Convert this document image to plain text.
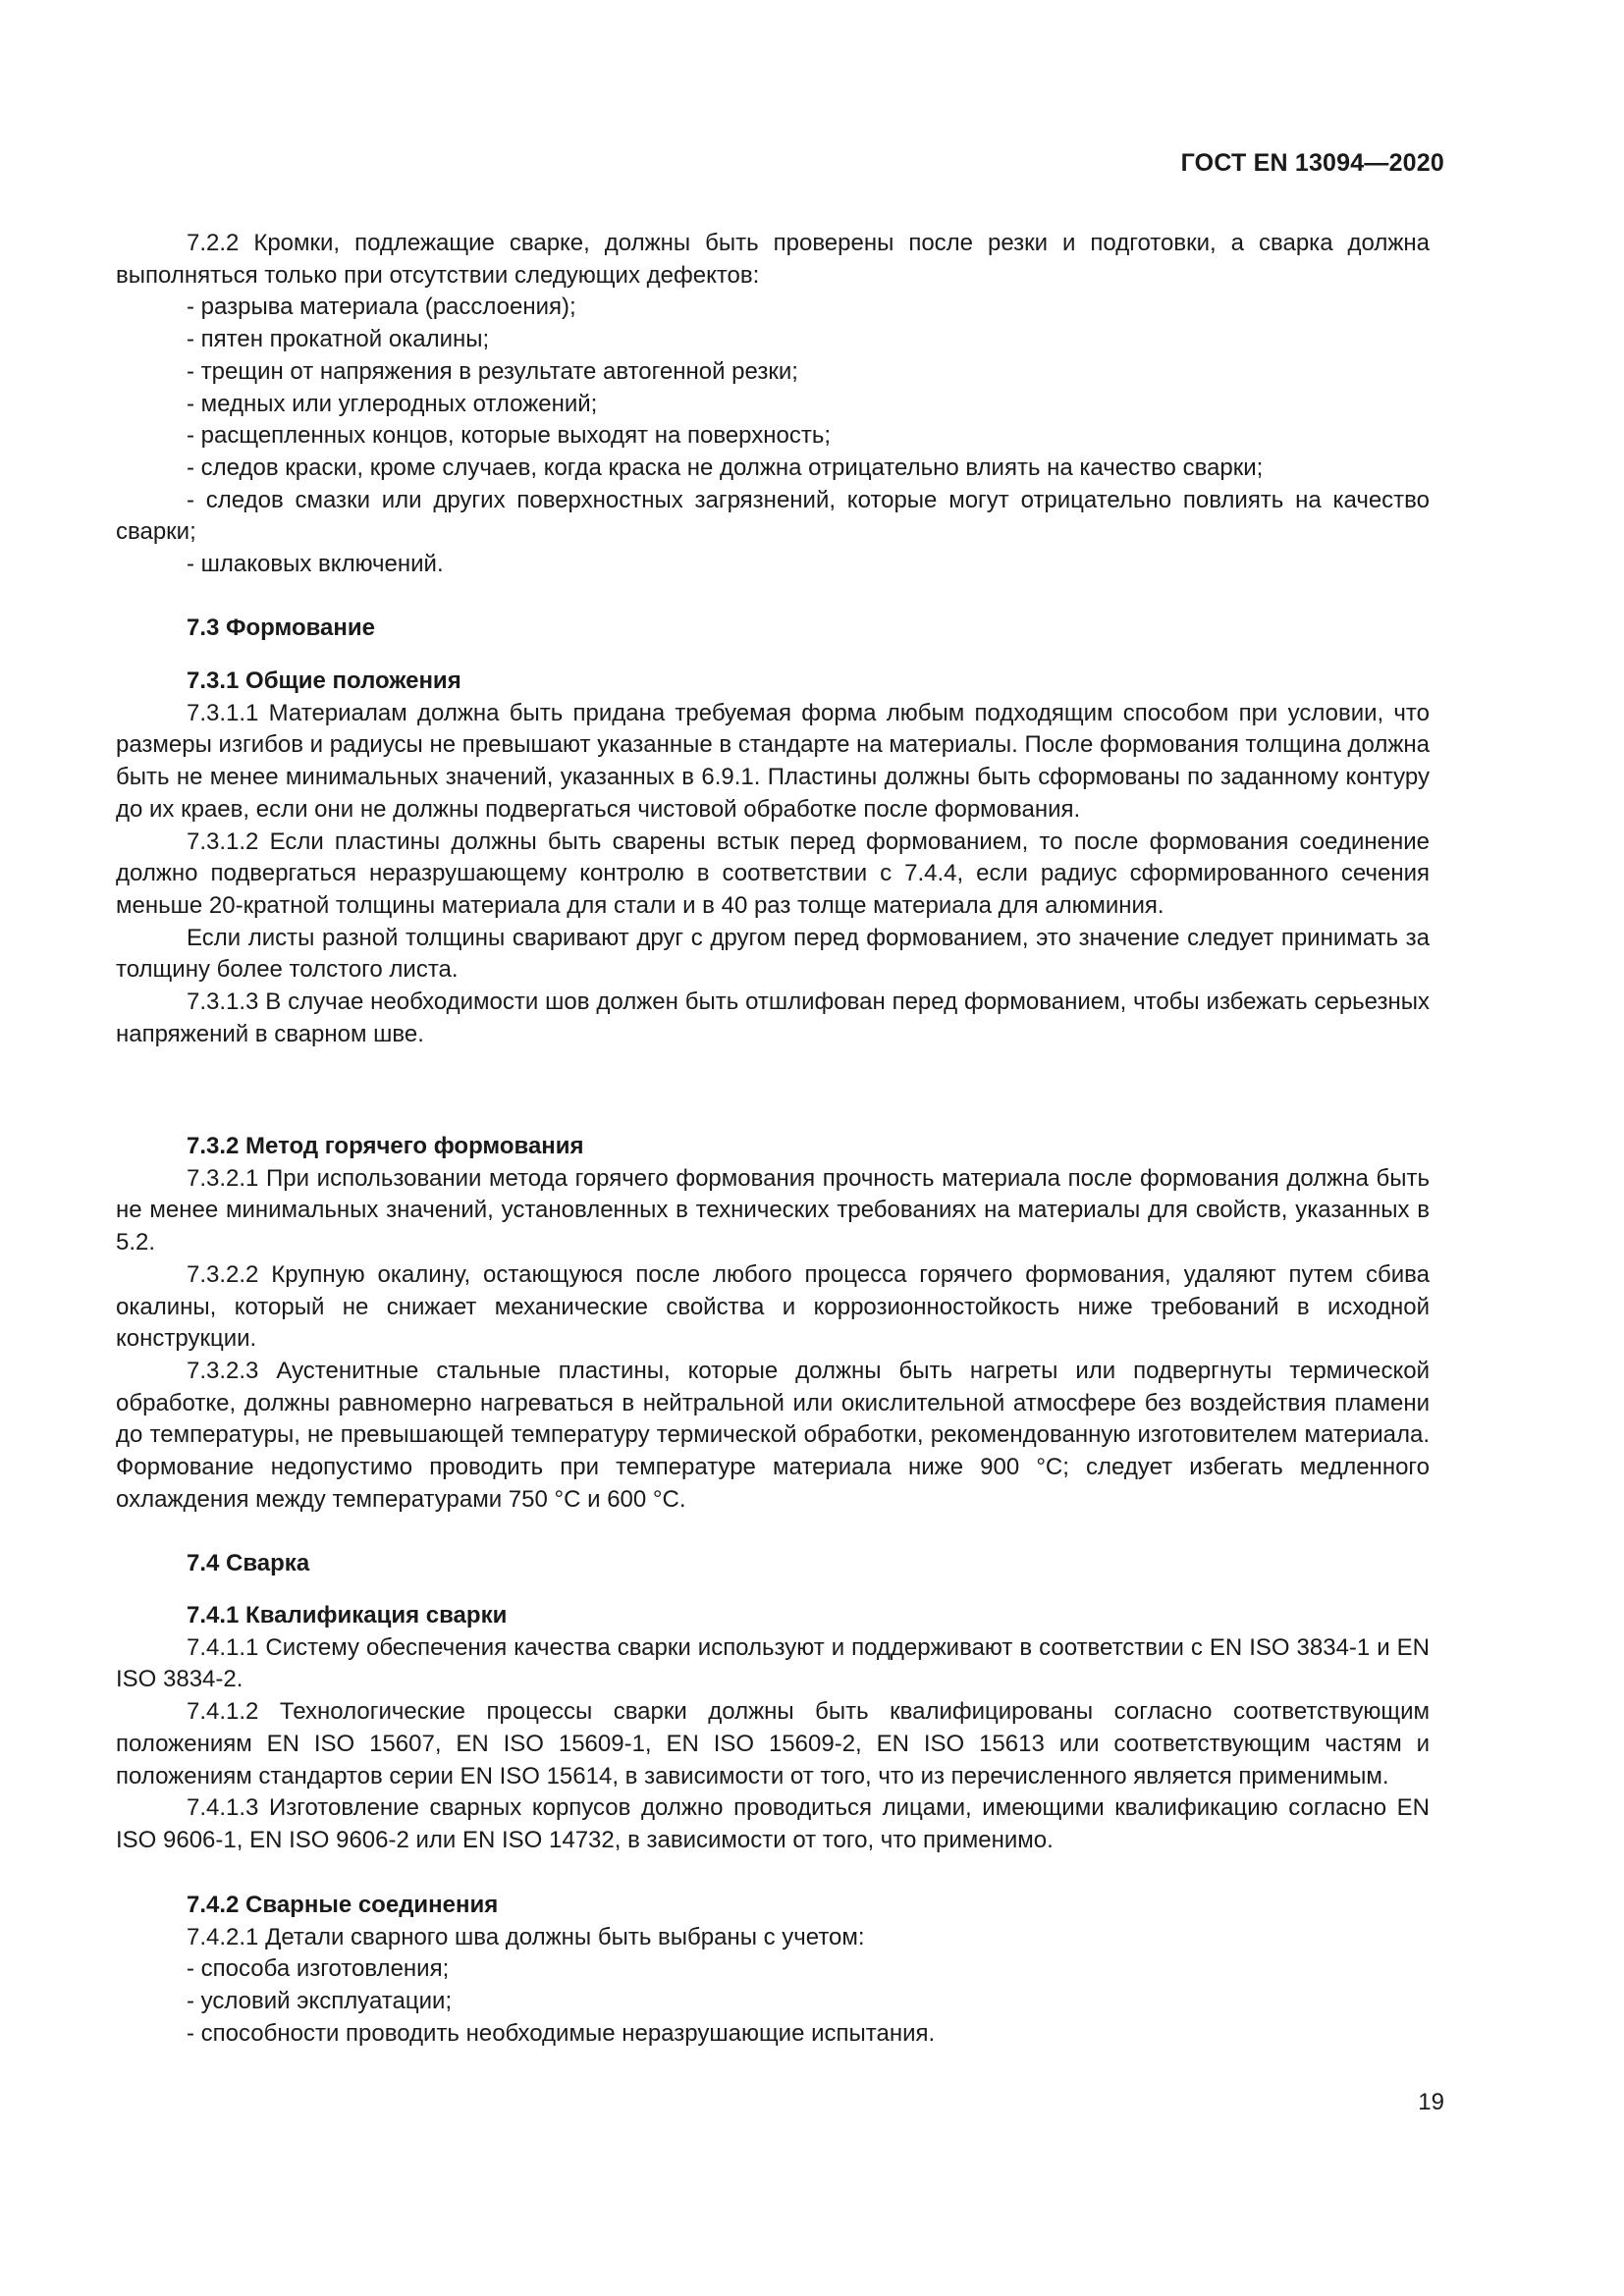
ГОСТ EN 13094—2020

7.2.2 Кромки, подлежащие сварке, должны быть проверены после резки и подготовки, а сварка должна выполняться только при отсутствии следующих дефектов:

- разрыва материала (расслоения);

- пятен прокатной окалины;

- трещин от напряжения в результате автогенной резки;

- медных или углеродных отложений;

- расщепленных концов, которые выходят на поверхность;

- следов краски, кроме случаев, когда краска не должна отрицательно влиять на качество сварки;

- следов смазки или других поверхностных загрязнений, которые могут отрицательно повлиять на качество сварки;

- шлаковых включений.

7.3 Формование

7.3.1 Общие положения

7.3.1.1 Материалам должна быть придана требуемая форма любым подходящим способом при условии, что размеры изгибов и радиусы не превышают указанные в стандарте на материалы. После формования толщина должна быть не менее минимальных значений, указанных в 6.9.1. Пластины должны быть сформованы по заданному контуру до их краев, если они не должны подвергаться чистовой обработке после формования.

7.3.1.2 Если пластины должны быть сварены встык перед формованием, то после формования соединение должно подвергаться неразрушающему контролю в соответствии с 7.4.4, если радиус сформированного сечения меньше 20-кратной толщины материала для стали и в 40 раз толще материала для алюминия.

Если листы разной толщины сваривают друг с другом перед формованием, это значение следует принимать за толщину более толстого листа.

7.3.1.3 В случае необходимости шов должен быть отшлифован перед формованием, чтобы избежать серьезных напряжений в сварном шве.

7.3.2 Метод горячего формования

7.3.2.1 При использовании метода горячего формования прочность материала после формования должна быть не менее минимальных значений, установленных в технических требованиях на материалы для свойств, указанных в 5.2.

7.3.2.2 Крупную окалину, остающуюся после любого процесса горячего формования, удаляют путем сбива окалины, который не снижает механические свойства и коррозионностойкость ниже требований в исходной конструкции.

7.3.2.3 Аустенитные стальные пластины, которые должны быть нагреты или подвергнуты термической обработке, должны равномерно нагреваться в нейтральной или окислительной атмосфере без воздействия пламени до температуры, не превышающей температуру термической обработки, рекомендованную изготовителем материала. Формование недопустимо проводить при температуре материала ниже 900 °С; следует избегать медленного охлаждения между температурами 750 °С и 600 °С.

7.4 Сварка

7.4.1 Квалификация сварки

7.4.1.1 Систему обеспечения качества сварки используют и поддерживают в соответствии с EN ISO 3834-1 и EN ISO 3834-2.

7.4.1.2 Технологические процессы сварки должны быть квалифицированы согласно соответствующим положениям EN ISO 15607, EN ISO 15609-1, EN ISO 15609-2, EN ISO 15613 или соответствующим частям и положениям стандартов серии EN ISO 15614, в зависимости от того, что из перечисленного является применимым.

7.4.1.3 Изготовление сварных корпусов должно проводиться лицами, имеющими квалификацию согласно EN ISO 9606-1, EN ISO 9606-2 или EN ISO 14732, в зависимости от того, что применимо.

7.4.2 Сварные соединения

7.4.2.1 Детали сварного шва должны быть выбраны с учетом:

- способа изготовления;

- условий эксплуатации;

- способности проводить необходимые неразрушающие испытания.

19
